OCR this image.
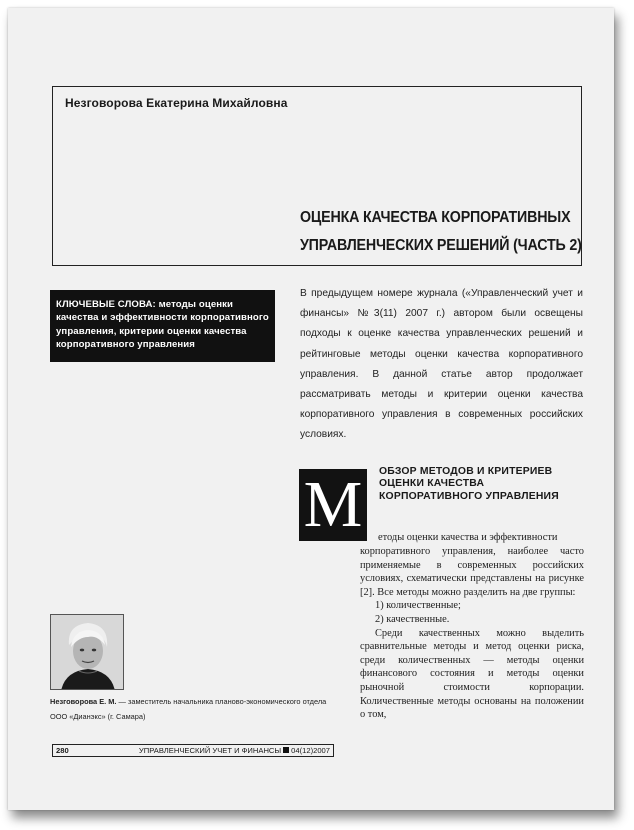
Незговорова Екатерина Михайловна
ОЦЕНКА КАЧЕСТВА КОРПОРАТИВНЫХ
УПРАВЛЕНЧЕСКИХ РЕШЕНИЙ (ЧАСТЬ 2)
КЛЮЧЕВЫЕ СЛОВА: методы оценки качества и эффективности корпоративного управления, критерии оценки качества корпоративного управления
В предыдущем номере журнала («Управленческий учет и финансы» №3(11) 2007 г.) автором были освещены подходы к оценке качества управленческих решений и рейтинговые методы оценки качества корпоративного управления. В данной статье автор продолжает рассматривать методы и критерии оценки качества корпоративного управления в современных российских условиях.
М	ОБЗОР МЕТОДОВ И КРИТЕРИЕВ ОЦЕНКИ КАЧЕСТВА КОРПОРАТИВНОГО УПРАВЛЕНИЯ
етоды оценки качества и эффективности

корпоративного управления, наиболее часто применяемые в современных российских условиях, схематически представлены на рисунке [2]. Все методы можно разделить на две группы:

1) количественные;

2) качественные.

Среди качественных можно выделить сравнительные методы и метод оценки риска, среди количественных — методы оценки финансового состояния и методы оценки рыночной стоимости корпорации. Количественные методы основаны на положении о том,

Незговорова Е. М. — заместитель начальника планово-экономического отдела ООО «Дианэкс» (г. Самара)
280	УПРАВЛЕНЧЕСКИЙ УЧЕТ И ФИНАНСЫ 04(12)2007
